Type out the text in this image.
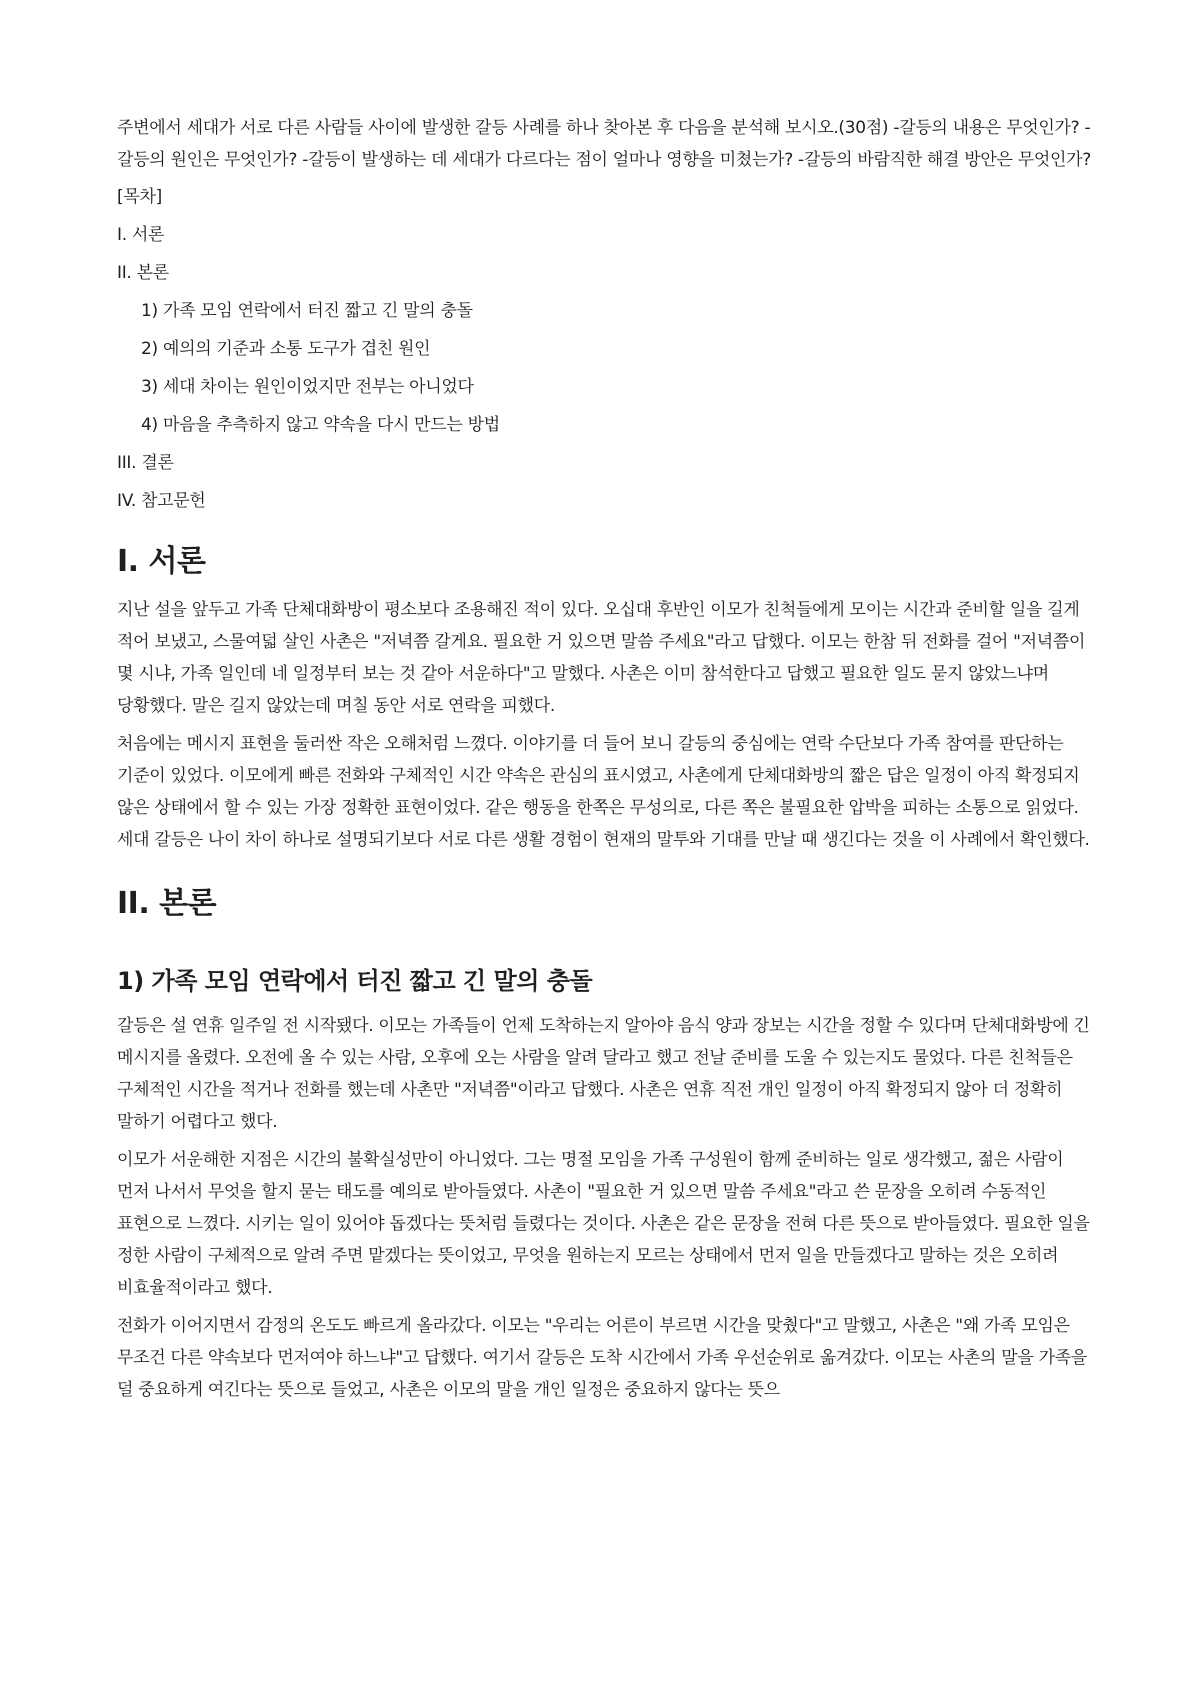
주변에서 세대가 서로 다른 사람들 사이에 발생한 갈등 사례를 하나 찾아본 후 다음을 분석해 보시오.(30점) -갈등의 내용은 무엇인가? -갈등의 원인은 무엇인가? -갈등이 발생하는 데 세대가 다르다는 점이 얼마나 영향을 미쳤는가? -갈등의 바람직한 해결 방안은 무엇인가?

[목차]
I. 서론
II. 본론
1) 가족 모임 연락에서 터진 짧고 긴 말의 충돌
2) 예의의 기준과 소통 도구가 겹친 원인
3) 세대 차이는 원인이었지만 전부는 아니었다
4) 마음을 추측하지 않고 약속을 다시 만드는 방법
III. 결론
IV. 참고문헌
I. 서론

지난 설을 앞두고 가족 단체대화방이 평소보다 조용해진 적이 있다. 오십대 후반인 이모가 친척들에게 모이는 시간과 준비할 일을 길게 적어 보냈고, 스물여덟 살인 사촌은 "저녁쯤 갈게요. 필요한 거 있으면 말씀 주세요"라고 답했다. 이모는 한참 뒤 전화를 걸어 "저녁쯤이 몇 시냐, 가족 일인데 네 일정부터 보는 것 같아 서운하다"고 말했다. 사촌은 이미 참석한다고 답했고 필요한 일도 묻지 않았느냐며 당황했다. 말은 길지 않았는데 며칠 동안 서로 연락을 피했다.

처음에는 메시지 표현을 둘러싼 작은 오해처럼 느꼈다. 이야기를 더 들어 보니 갈등의 중심에는 연락 수단보다 가족 참여를 판단하는 기준이 있었다. 이모에게 빠른 전화와 구체적인 시간 약속은 관심의 표시였고, 사촌에게 단체대화방의 짧은 답은 일정이 아직 확정되지 않은 상태에서 할 수 있는 가장 정확한 표현이었다. 같은 행동을 한쪽은 무성의로, 다른 쪽은 불필요한 압박을 피하는 소통으로 읽었다. 세대 갈등은 나이 차이 하나로 설명되기보다 서로 다른 생활 경험이 현재의 말투와 기대를 만날 때 생긴다는 것을 이 사례에서 확인했다.

II. 본론
1) 가족 모임 연락에서 터진 짧고 긴 말의 충돌

갈등은 설 연휴 일주일 전 시작됐다. 이모는 가족들이 언제 도착하는지 알아야 음식 양과 장보는 시간을 정할 수 있다며 단체대화방에 긴 메시지를 올렸다. 오전에 올 수 있는 사람, 오후에 오는 사람을 알려 달라고 했고 전날 준비를 도울 수 있는지도 물었다. 다른 친척들은 구체적인 시간을 적거나 전화를 했는데 사촌만 "저녁쯤"이라고 답했다. 사촌은 연휴 직전 개인 일정이 아직 확정되지 않아 더 정확히 말하기 어렵다고 했다.

이모가 서운해한 지점은 시간의 불확실성만이 아니었다. 그는 명절 모임을 가족 구성원이 함께 준비하는 일로 생각했고, 젊은 사람이 먼저 나서서 무엇을 할지 묻는 태도를 예의로 받아들였다. 사촌이 "필요한 거 있으면 말씀 주세요"라고 쓴 문장을 오히려 수동적인 표현으로 느꼈다. 시키는 일이 있어야 돕겠다는 뜻처럼 들렸다는 것이다. 사촌은 같은 문장을 전혀 다른 뜻으로 받아들였다. 필요한 일을 정한 사람이 구체적으로 알려 주면 맡겠다는 뜻이었고, 무엇을 원하는지 모르는 상태에서 먼저 일을 만들겠다고 말하는 것은 오히려 비효율적이라고 했다.

전화가 이어지면서 감정의 온도도 빠르게 올라갔다. 이모는 "우리는 어른이 부르면 시간을 맞췄다"고 말했고, 사촌은 "왜 가족 모임은 무조건 다른 약속보다 먼저여야 하느냐"고 답했다. 여기서 갈등은 도착 시간에서 가족 우선순위로 옮겨갔다. 이모는 사촌의 말을 가족을 덜 중요하게 여긴다는 뜻으로 들었고, 사촌은 이모의 말을 개인 일정은 중요하지 않다는 뜻으
